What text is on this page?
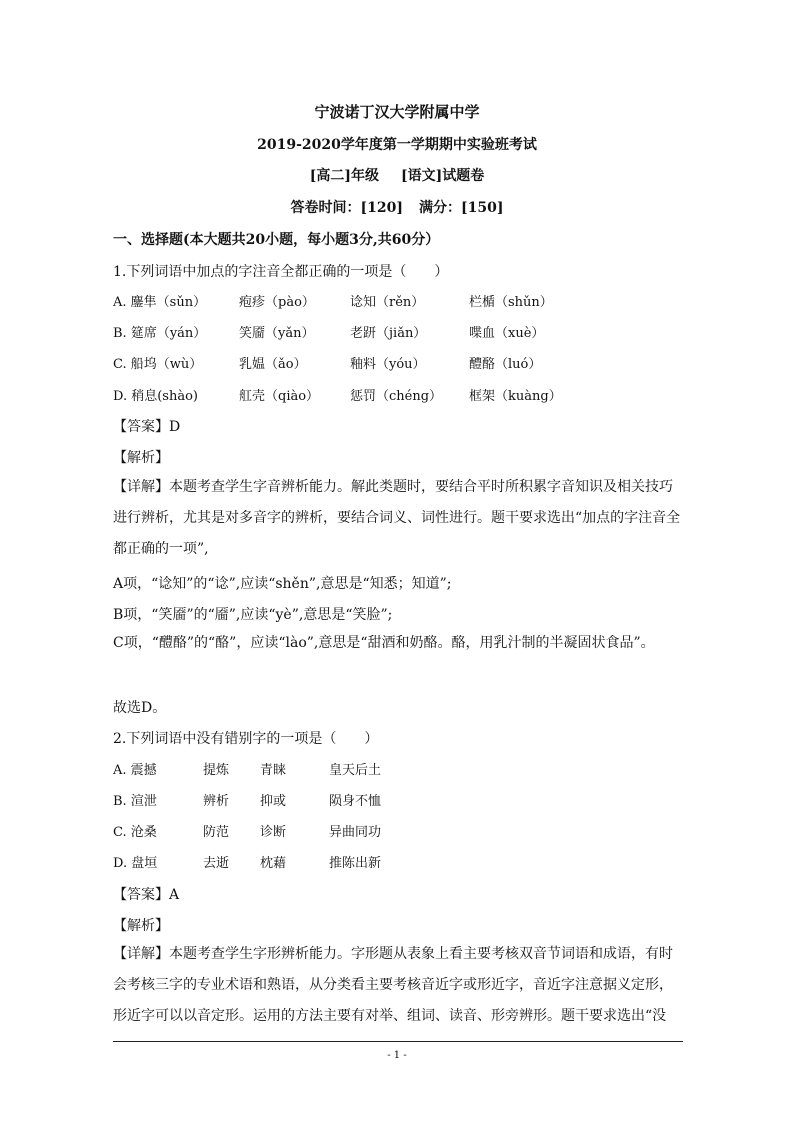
宁波诺丁汉大学附属中学
2019-2020学年度第一学期期中实验班考试
[高二]年级 [语文]试题卷
答卷时间：[120] 满分：[150]
一、选择题(本大题共20小题，每小题3分,共60分）
1.下列词语中加点的字注音全都正确的一项是（　　）
A. 鏖隼（sǔn）	疱疹（pào）	谂知（rěn）	栏楯（shǔn）
B. 筵席（yán）	笑靥（yǎn）	老趼（jiǎn）	喋血（xuè）
C. 船坞（wù）	乳媪（ǎo）	釉料（yóu）	醴酪（luó）
D. 稍息(shào)	舡壳（qiào） 惩罚（chéng） 框架（kuàng）
【答案】D
【解析】
【详解】本题考查学生字音辨析能力。解此类题时，要结合平时所积累字音知识及相关技巧进行辨析，尤其是对多音字的辨析，要结合词义、词性进行。题干要求选出“加点的字注音全都正确的一项”,
A项，“谂知”的“谂”,应读“shěn”,意思是“知悉；知道”;
B项，“笑靥”的“靥”,应读“yè”,意思是“笑脸”;
C项，“醴酪”的“酪”，应读“lào”,意思是“甜酒和奶酪。酪，用乳汁制的半凝固状食品”。
故选D。
2.下列词语中没有错别字的一项是（　　）
A. 震撼	提炼 青睐	皇天后土
B. 渲泄	辨析 抑或	陨身不恤
C. 沧桑	防范 诊断	异曲同功
D. 盘垣	去逝 枕藉	推陈出新
【答案】A
【解析】
【详解】本题考查学生字形辨析能力。字形题从表象上看主要考核双音节词语和成语，有时会考核三字的专业术语和熟语，从分类看主要考核音近字或形近字，音近字注意据义定形，形近字可以以音定形。运用的方法主要有对举、组词、读音、形旁辨形。题干要求选出“没
- 1 -
